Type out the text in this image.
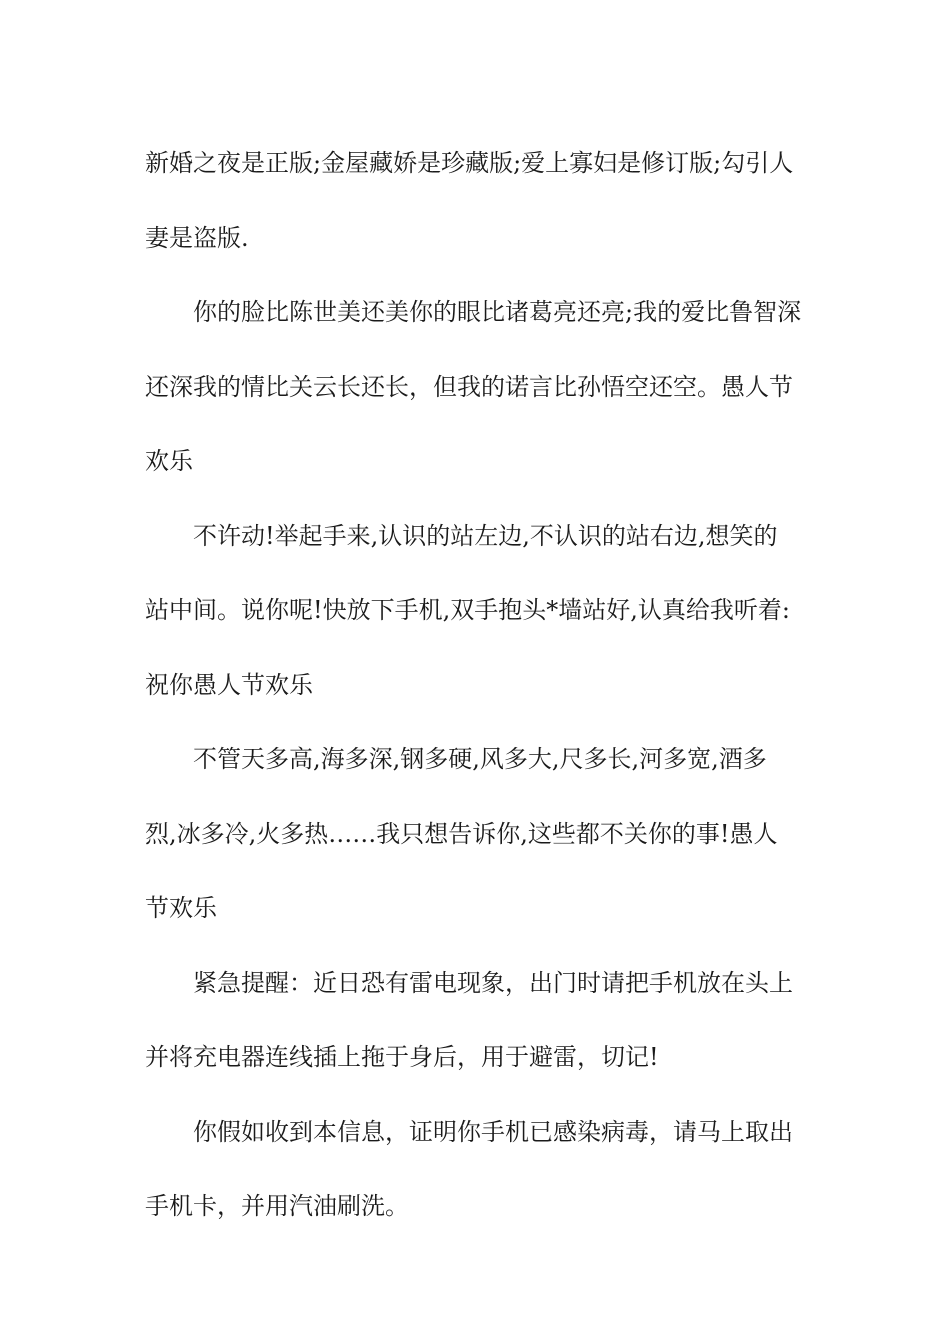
新婚之夜是正版;金屋藏娇是珍藏版;爱上寡妇是修订版;勾引人
妻是盗版.
你的脸比陈世美还美你的眼比诸葛亮还亮;我的爱比鲁智深
还深我的情比关云长还长，但我的诺言比孙悟空还空。愚人节
欢乐
不许动!举起手来,认识的站左边,不认识的站右边,想笑的
站中间。说你呢!快放下手机,双手抱头*墙站好,认真给我听着:
祝你愚人节欢乐
不管天多高,海多深,钢多硬,风多大,尺多长,河多宽,酒多
烈,冰多冷,火多热……我只想告诉你,这些都不关你的事!愚人
节欢乐
紧急提醒：近日恐有雷电现象，出门时请把手机放在头上
并将充电器连线插上拖于身后，用于避雷，切记!
你假如收到本信息，证明你手机已感染病毒，请马上取出
手机卡，并用汽油刷洗。
